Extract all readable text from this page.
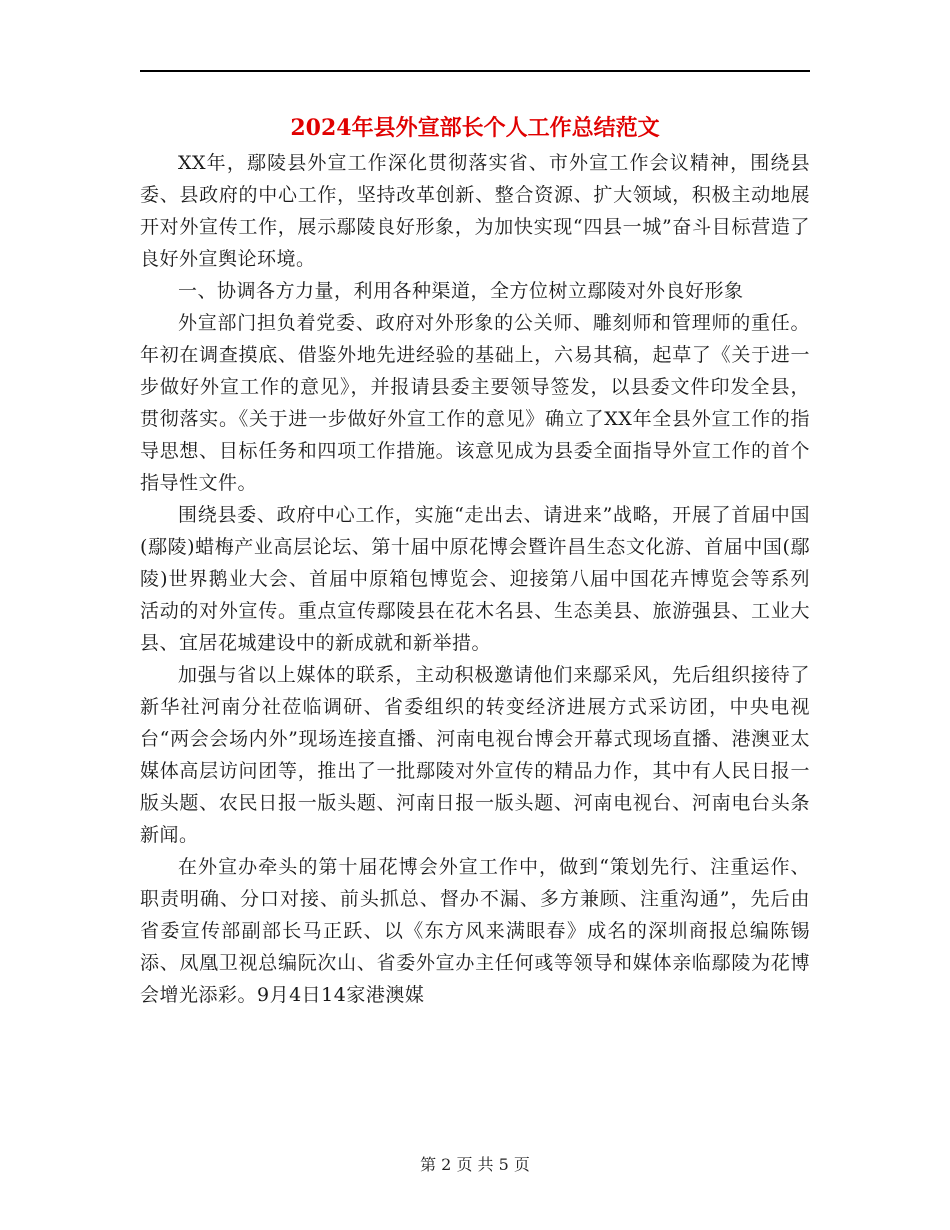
2024年县外宣部长个人工作总结范文

XX年，鄢陵县外宣工作深化贯彻落实省、市外宣工作会议精神，围绕县委、县政府的中心工作，坚持改革创新、整合资源、扩大领域，积极主动地展开对外宣传工作，展示鄢陵良好形象，为加快实现“四县一城”奋斗目标营造了良好外宣舆论环境。

一、协调各方力量，利用各种渠道，全方位树立鄢陵对外良好形象

外宣部门担负着党委、政府对外形象的公关师、雕刻师和管理师的重任。年初在调查摸底、借鉴外地先进经验的基础上，六易其稿，起草了《关于进一步做好外宣工作的意见》，并报请县委主要领导签发，以县委文件印发全县，贯彻落实。《关于进一步做好外宣工作的意见》确立了XX年全县外宣工作的指导思想、目标任务和四项工作措施。该意见成为县委全面指导外宣工作的首个指导性文件。

围绕县委、政府中心工作，实施“走出去、请进来”战略，开展了首届中国(鄢陵)蜡梅产业高层论坛、第十届中原花博会暨许昌生态文化游、首届中国(鄢陵)世界鹅业大会、首届中原箱包博览会、迎接第八届中国花卉博览会等系列活动的对外宣传。重点宣传鄢陵县在花木名县、生态美县、旅游强县、工业大县、宜居花城建设中的新成就和新举措。

加强与省以上媒体的联系，主动积极邀请他们来鄢采风，先后组织接待了新华社河南分社莅临调研、省委组织的转变经济进展方式采访团，中央电视台“两会会场内外”现场连接直播、河南电视台博会开幕式现场直播、港澳亚太媒体高层访问团等，推出了一批鄢陵对外宣传的精品力作，其中有人民日报一版头题、农民日报一版头题、河南日报一版头题、河南电视台、河南电台头条新闻。

在外宣办牵头的第十届花博会外宣工作中，做到“策划先行、注重运作、职责明确、分口对接、前头抓总、督办不漏、多方兼顾、注重沟通”，先后由省委宣传部副部长马正跃、以《东方风来满眼春》成名的深圳商报总编陈锡添、凤凰卫视总编阮次山、省委外宣办主任何彧等领导和媒体亲临鄢陵为花博会增光添彩。9月4日14家港澳媒

第 2 页 共 5 页
